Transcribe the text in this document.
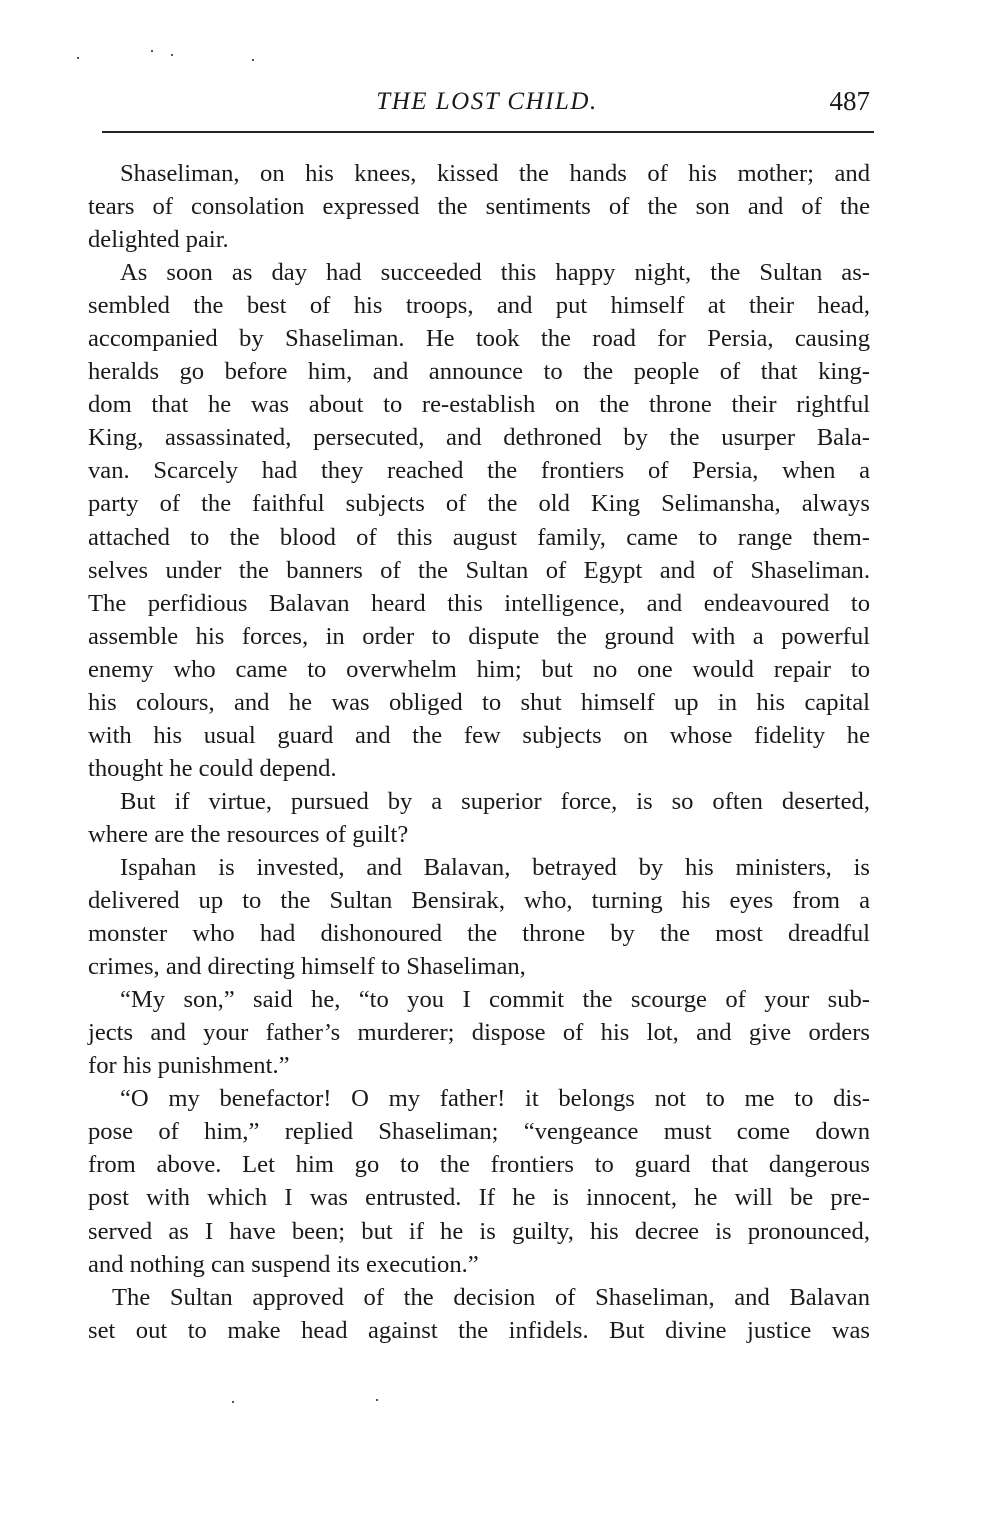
THE LOST CHILD.	487
Shaseliman, on his knees, kissed the hands of his mother; and
tears of consolation expressed the sentiments of the son and of the
delighted pair.
As soon as day had succeeded this happy night, the Sultan as-
sembled the best of his troops, and put himself at their head,
accompanied by Shaseliman. He took the road for Persia, causing
heralds go before him, and announce to the people of that king-
dom that he was about to re-establish on the throne their rightful
King, assassinated, persecuted, and dethroned by the usurper Bala-
van. Scarcely had they reached the frontiers of Persia, when a
party of the faithful subjects of the old King Selimansha, always
attached to the blood of this august family, came to range them-
selves under the banners of the Sultan of Egypt and of Shaseliman.
The perfidious Balavan heard this intelligence, and endeavoured to
assemble his forces, in order to dispute the ground with a powerful
enemy who came to overwhelm him; but no one would repair to
his colours, and he was obliged to shut himself up in his capital
with his usual guard and the few subjects on whose fidelity he
thought he could depend.
But if virtue, pursued by a superior force, is so often deserted,
where are the resources of guilt?
Ispahan is invested, and Balavan, betrayed by his ministers, is
delivered up to the Sultan Bensirak, who, turning his eyes from a
monster who had dishonoured the throne by the most dreadful
crimes, and directing himself to Shaseliman,
“My son,” said he, “to you I commit the scourge of your sub-
jects and your father’s murderer; dispose of his lot, and give orders
for his punishment.”
“O my benefactor! O my father! it belongs not to me to dis-
pose of him,” replied Shaseliman; “vengeance must come down
from above. Let him go to the frontiers to guard that dangerous
post with which I was entrusted. If he is innocent, he will be pre-
served as I have been; but if he is guilty, his decree is pronounced,
and nothing can suspend its execution.”
The Sultan approved of the decision of Shaseliman, and Balavan
set out to make head against the infidels. But divine justice was
